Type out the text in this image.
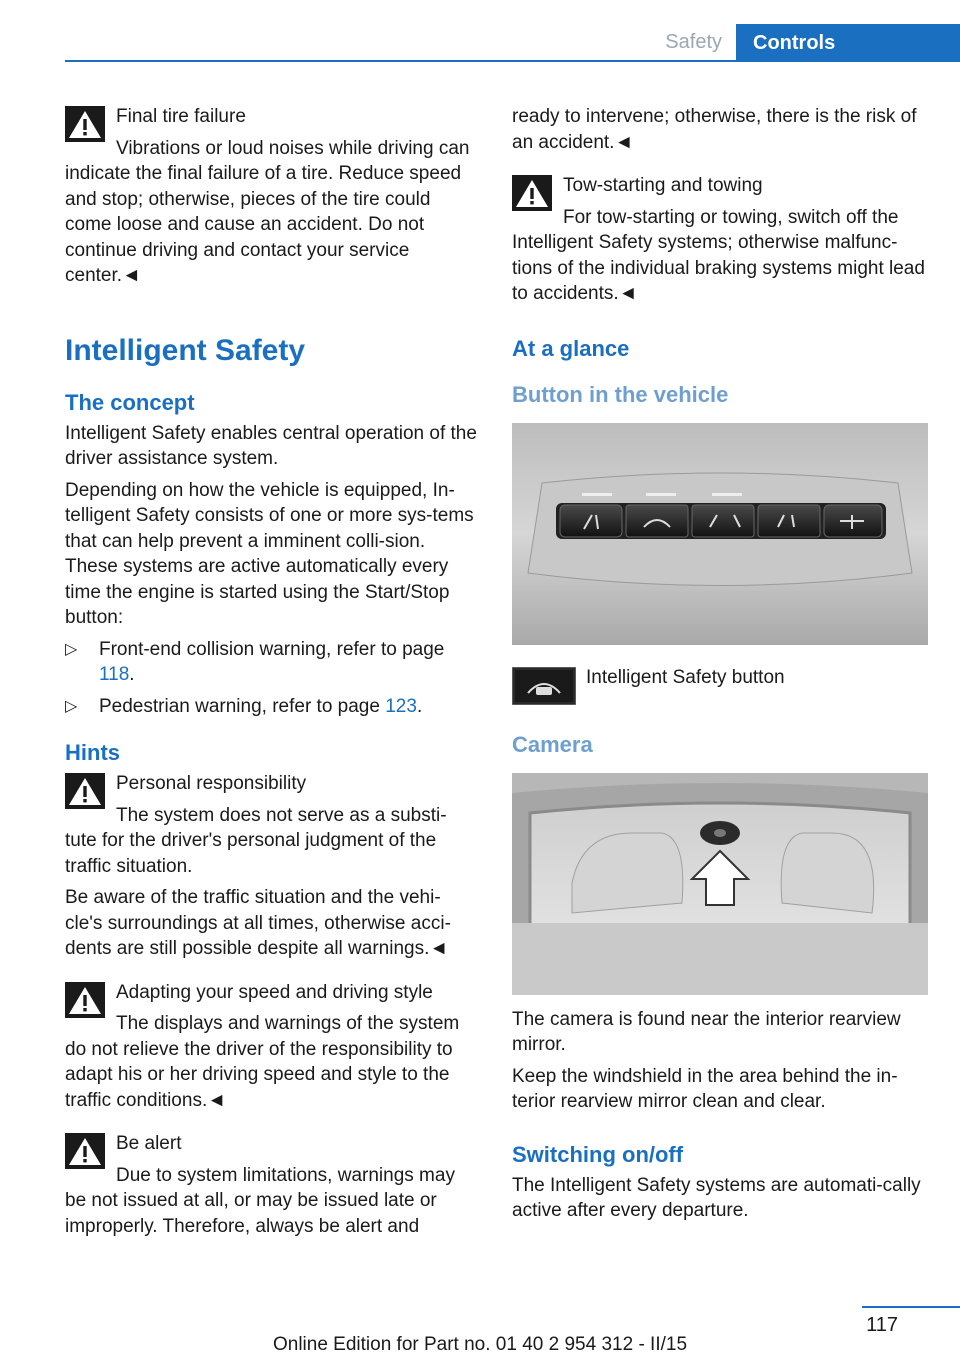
Safety	Controls
Final tire failure

Vibrations or loud noises while driving can indicate the final failure of a tire. Reduce speed and stop; otherwise, pieces of the tire could come loose and cause an accident. Do not continue driving and contact your service center.◄

Intelligent Safety
The concept

Intelligent Safety enables central operation of the driver assistance system.

Depending on how the vehicle is equipped, In-telligent Safety consists of one or more sys-tems that can help prevent a imminent colli-sion. These systems are active automatically every time the engine is started using the Start/Stop button:

▷ Front-end collision warning, refer to page 118.
▷ Pedestrian warning, refer to page 123.
Hints
Personal responsibility

The system does not serve as a substi-tute for the driver's personal judgment of the traffic situation.

Be aware of the traffic situation and the vehi-cle's surroundings at all times, otherwise acci-dents are still possible despite all warnings.◄

Adapting your speed and driving style

The displays and warnings of the system do not relieve the driver of the responsibility to adapt his or her driving speed and style to the traffic conditions.◄

Be alert

Due to system limitations, warnings may be not issued at all, or may be issued late or improperly. Therefore, always be alert and

ready to intervene; otherwise, there is the risk of an accident.◄

Tow-starting and towing

For tow-starting or towing, switch off the Intelligent Safety systems; otherwise malfunc-tions of the individual braking systems might lead to accidents.◄

At a glance
Button in the vehicle
Intelligent Safety button
Camera

The camera is found near the interior rearview mirror.

Keep the windshield in the area behind the in-terior rearview mirror clean and clear.

Switching on/off

The Intelligent Safety systems are automati-cally active after every departure.

117
Online Edition for Part no. 01 40 2 954 312 - II/15
